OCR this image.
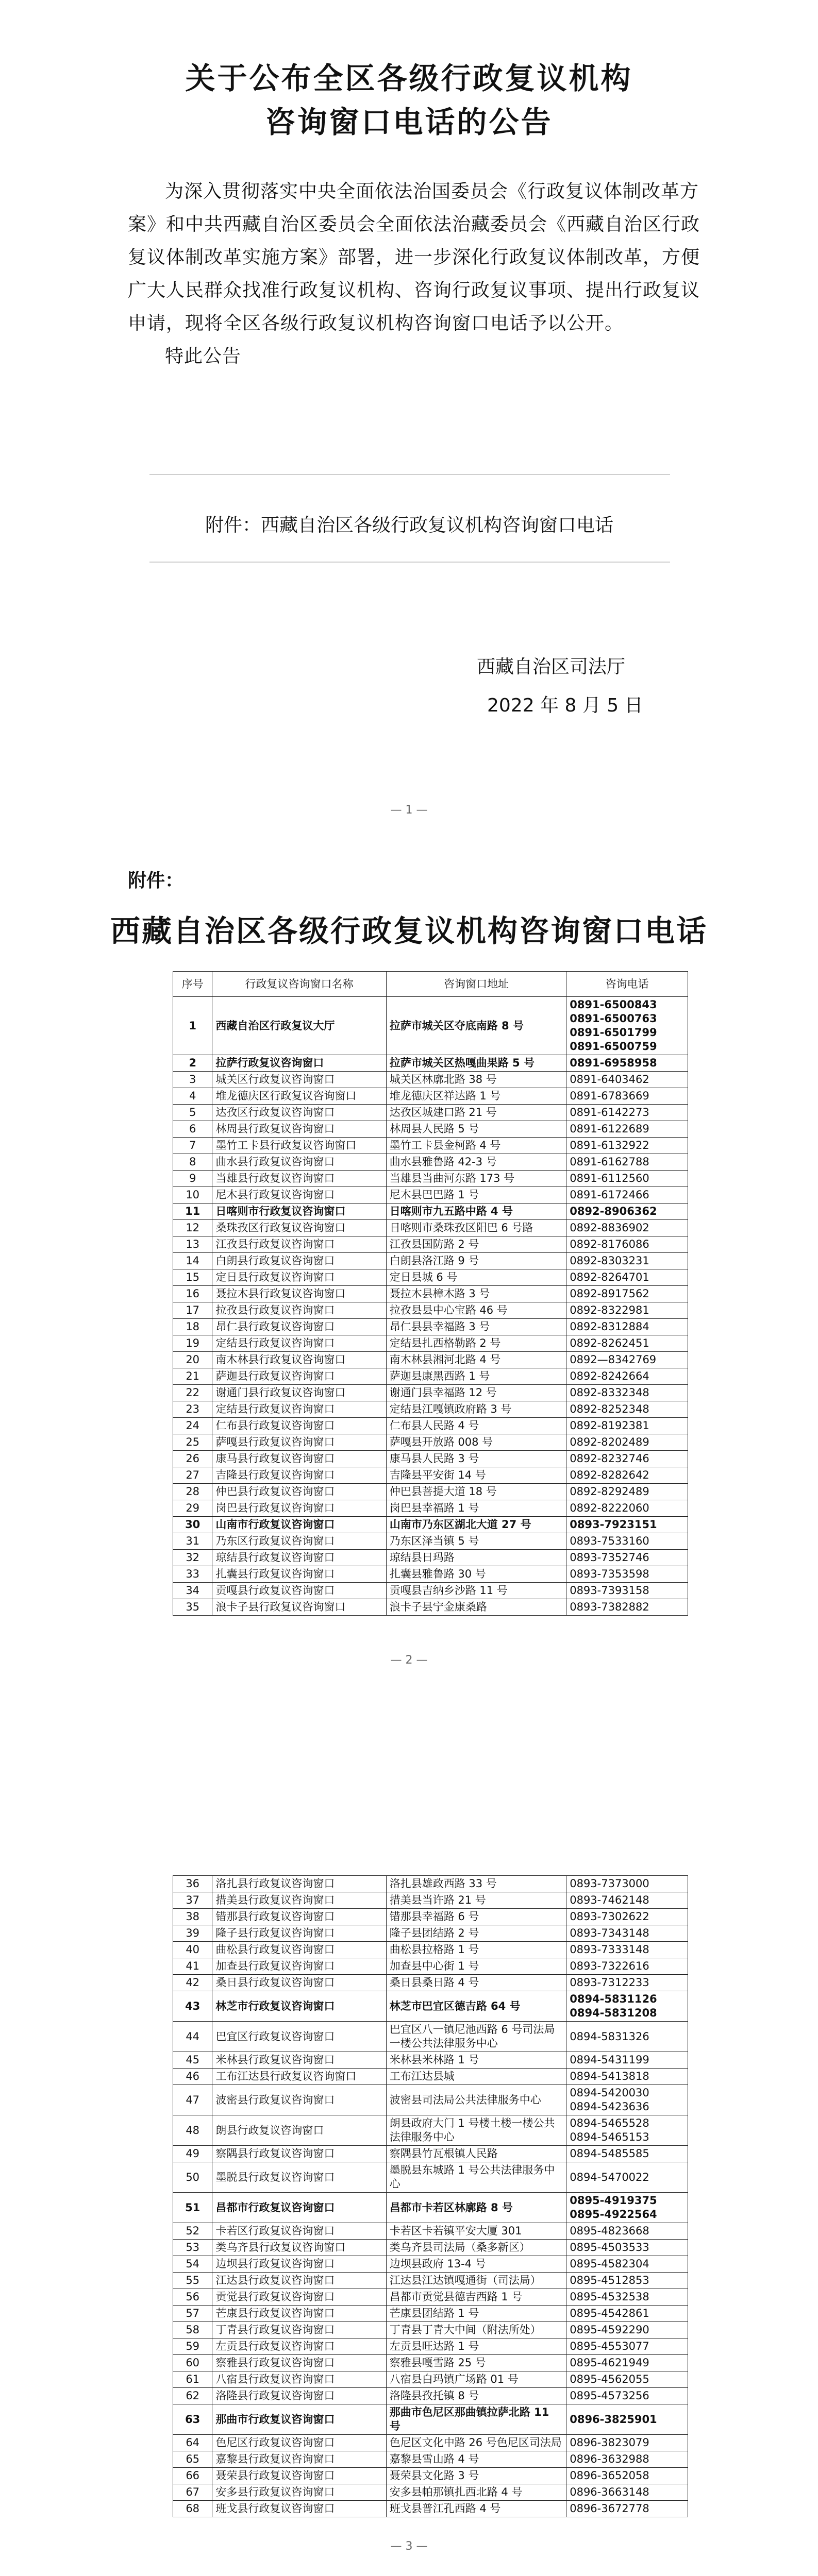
关于公布全区各级行政复议机构
咨询窗口电话的公告

为深入贯彻落实中央全面依法治国委员会《行政复议体制改革方案》和中共西藏自治区委员会全面依法治藏委员会《西藏自治区行政复议体制改革实施方案》部署，进一步深化行政复议体制改革，方便广大人民群众找准行政复议机构、咨询行政复议事项、提出行政复议申请，现将全区各级行政复议机构咨询窗口电话予以公开。

特此公告

附件：西藏自治区各级行政复议机构咨询窗口电话
西藏自治区司法厅
2022 年 8 月 5 日
— 1 —
附件：
西藏自治区各级行政复议机构咨询窗口电话
序号	行政复议咨询窗口名称	咨询窗口地址	咨询电话
1	西藏自治区行政复议大厅	拉萨市城关区夺底南路 8 号	0891-6500843
0891-6500763
0891-6501799
0891-6500759
2	拉萨行政复议咨询窗口	拉萨市城关区热嘎曲果路 5 号	0891-6958958
3	城关区行政复议咨询窗口	城关区林廓北路 38 号	0891-6403462
4	堆龙德庆区行政复议咨询窗口	堆龙德庆区祥达路 1 号	0891-6783669
5	达孜区行政复议咨询窗口	达孜区城建口路 21 号	0891-6142273
6	林周县行政复议咨询窗口	林周县人民路 5 号	0891-6122689
7	墨竹工卡县行政复议咨询窗口	墨竹工卡县金柯路 4 号	0891-6132922
8	曲水县行政复议咨询窗口	曲水县雅鲁路 42-3 号	0891-6162788
9	当雄县行政复议咨询窗口	当雄县当曲河东路 173 号	0891-6112560
10	尼木县行政复议咨询窗口	尼木县巴巴路 1 号	0891-6172466
11	日喀则市行政复议咨询窗口	日喀则市九五路中路 4 号	0892-8906362
12	桑珠孜区行政复议咨询窗口	日喀则市桑珠孜区阳巴 6 号路	0892-8836902
13	江孜县行政复议咨询窗口	江孜县国防路 2 号	0892-8176086
14	白朗县行政复议咨询窗口	白朗县洛江路 9 号	0892-8303231
15	定日县行政复议咨询窗口	定日县城 6 号	0892-8264701
16	聂拉木县行政复议咨询窗口	聂拉木县樟木路 3 号	0892-8917562
17	拉孜县行政复议咨询窗口	拉孜县县中心宝路 46 号	0892-8322981
18	昂仁县行政复议咨询窗口	昂仁县县幸福路 3 号	0892-8312884
19	定结县行政复议咨询窗口	定结县扎西格勒路 2 号	0892-8262451
20	南木林县行政复议咨询窗口	南木林县湘河北路 4 号	0892—8342769
21	萨迦县行政复议咨询窗口	萨迦县康黑西路 1 号	0892-8242664
22	谢通门县行政复议咨询窗口	谢通门县幸福路 12 号	0892-8332348
23	定结县行政复议咨询窗口	定结县江嘎镇政府路 3 号	0892-8252348
24	仁布县行政复议咨询窗口	仁布县人民路 4 号	0892-8192381
25	萨嘎县行政复议咨询窗口	萨嘎县开放路 008 号	0892-8202489
26	康马县行政复议咨询窗口	康马县人民路 3 号	0892-8232746
27	吉隆县行政复议咨询窗口	吉隆县平安街 14 号	0892-8282642
28	仲巴县行政复议咨询窗口	仲巴县菩提大道 18 号	0892-8292489
29	岗巴县行政复议咨询窗口	岗巴县幸福路 1 号	0892-8222060
30	山南市行政复议咨询窗口	山南市乃东区湖北大道 27 号	0893-7923151
31	乃东区行政复议咨询窗口	乃东区泽当镇 5 号	0893-7533160
32	琼结县行政复议咨询窗口	琼结县日玛路	0893-7352746
33	扎囊县行政复议咨询窗口	扎囊县雅鲁路 30 号	0893-7353598
34	贡嘎县行政复议咨询窗口	贡嘎县吉纳乡沙路 11 号	0893-7393158
35	浪卡子县行政复议咨询窗口	浪卡子县宁金康桑路	0893-7382882
— 2 —
36	洛扎县行政复议咨询窗口	洛扎县雄政西路 33 号	0893-7373000
37	措美县行政复议咨询窗口	措美县当许路 21 号	0893-7462148
38	错那县行政复议咨询窗口	错那县幸福路 6 号	0893-7302622
39	隆子县行政复议咨询窗口	隆子县团结路 2 号	0893-7343148
40	曲松县行政复议咨询窗口	曲松县拉格路 1 号	0893-7333148
41	加查县行政复议咨询窗口	加查县中心街 1 号	0893-7322616
42	桑日县行政复议咨询窗口	桑日县桑日路 4 号	0893-7312233
43	林芝市行政复议咨询窗口	林芝市巴宜区德吉路 64 号	0894-5831126
0894-5831208
44	巴宜区行政复议咨询窗口	巴宜区八一镇尼池西路 6 号司法局一楼公共法律服务中心	0894-5831326
45	米林县行政复议咨询窗口	米林县米林路 1 号	0894-5431199
46	工布江达县行政复议咨询窗口	工布江达县城	0894-5413818
47	波密县行政复议咨询窗口	波密县司法局公共法律服务中心	0894-5420030
0894-5423636
48	朗县行政复议咨询窗口	朗县政府大门 1 号楼土楼一楼公共法律服务中心	0894-5465528
0894-5465153
49	察隅县行政复议咨询窗口	察隅县竹瓦根镇人民路	0894-5485585
50	墨脱县行政复议咨询窗口	墨脱县东城路 1 号公共法律服务中心	0894-5470022
51	昌都市行政复议咨询窗口	昌都市卡若区林廓路 8 号	0895-4919375
0895-4922564
52	卡若区行政复议咨询窗口	卡若区卡若镇平安大厦 301	0895-4823668
53	类乌齐县行政复议咨询窗口	类乌齐县司法局（桑多新区）	0895-4503533
54	边坝县行政复议咨询窗口	边坝县政府 13-4 号	0895-4582304
55	江达县行政复议咨询窗口	江达县江达镇嘎通街（司法局）	0895-4512853
56	贡觉县行政复议咨询窗口	昌都市贡觉县德吉西路 1 号	0895-4532538
57	芒康县行政复议咨询窗口	芒康县团结路 1 号	0895-4542861
58	丁青县行政复议咨询窗口	丁青县丁青大中间（附法所处）	0895-4592290
59	左贡县行政复议咨询窗口	左贡县旺达路 1 号	0895-4553077
60	察雅县行政复议咨询窗口	察雅县嘎雪路 25 号	0895-4621949
61	八宿县行政复议咨询窗口	八宿县白玛镇广场路 01 号	0895-4562055
62	洛隆县行政复议咨询窗口	洛隆县孜托镇 8 号	0895-4573256
63	那曲市行政复议咨询窗口	那曲市色尼区那曲镇拉萨北路 11 号	0896-3825901
64	色尼区行政复议咨询窗口	色尼区文化中路 26 号色尼区司法局	0896-3823079
65	嘉黎县行政复议咨询窗口	嘉黎县雪山路 4 号	0896-3632988
66	聂荣县行政复议咨询窗口	聂荣县文化路 3 号	0896-3652058
67	安多县行政复议咨询窗口	安多县帕那镇扎西北路 4 号	0896-3663148
68	班戈县行政复议咨询窗口	班戈县普江孔西路 4 号	0896-3672778
— 3 —
